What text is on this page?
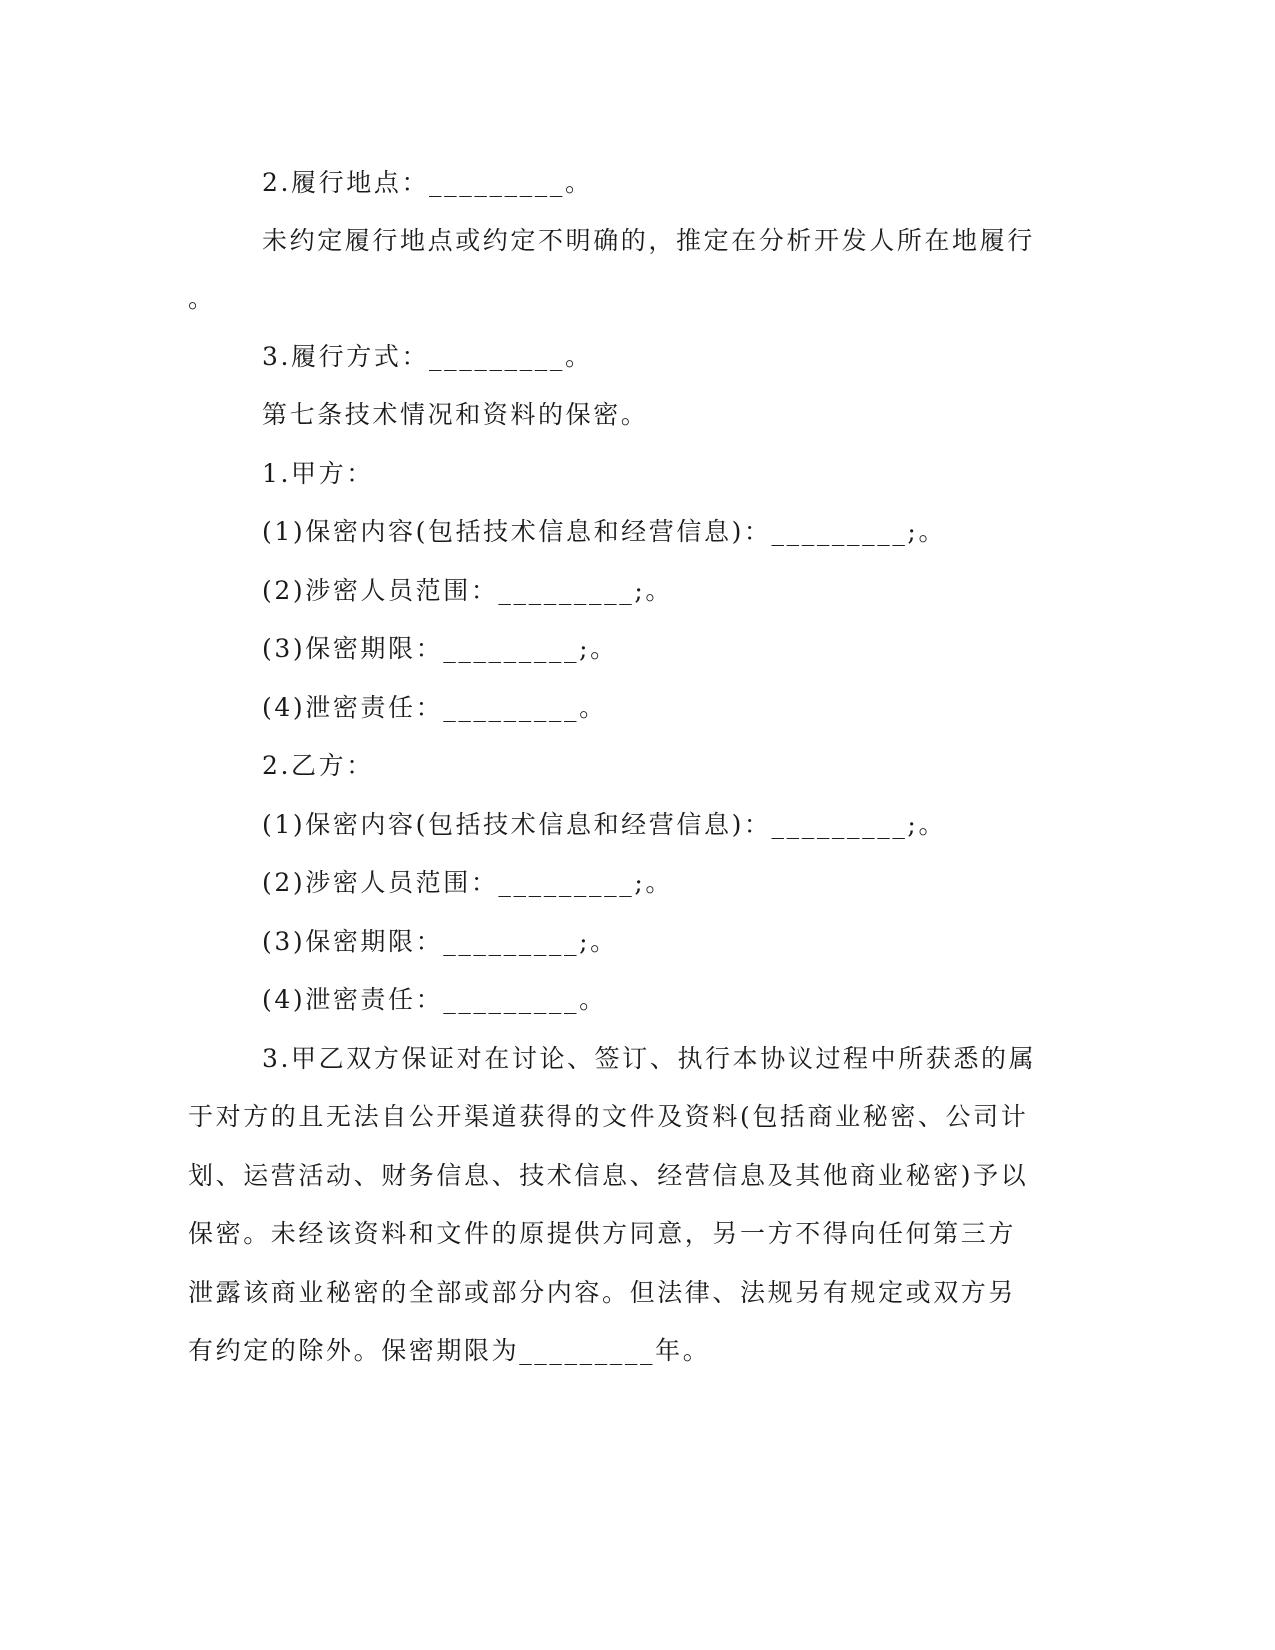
2.履行地点：_________。
未约定履行地点或约定不明确的，推定在分析开发人所在地履行
。
3.履行方式：_________。
第七条技术情况和资料的保密。
1.甲方：
(1)保密内容(包括技术信息和经营信息)：_________;。
(2)涉密人员范围：_________;。
(3)保密期限：_________;。
(4)泄密责任：_________。
2.乙方：
(1)保密内容(包括技术信息和经营信息)：_________;。
(2)涉密人员范围：_________;。
(3)保密期限：_________;。
(4)泄密责任：_________。
3.甲乙双方保证对在讨论、签订、执行本协议过程中所获悉的属
于对方的且无法自公开渠道获得的文件及资料(包括商业秘密、公司计
划、运营活动、财务信息、技术信息、经营信息及其他商业秘密)予以
保密。未经该资料和文件的原提供方同意，另一方不得向任何第三方
泄露该商业秘密的全部或部分内容。但法律、法规另有规定或双方另
有约定的除外。保密期限为_________年。
